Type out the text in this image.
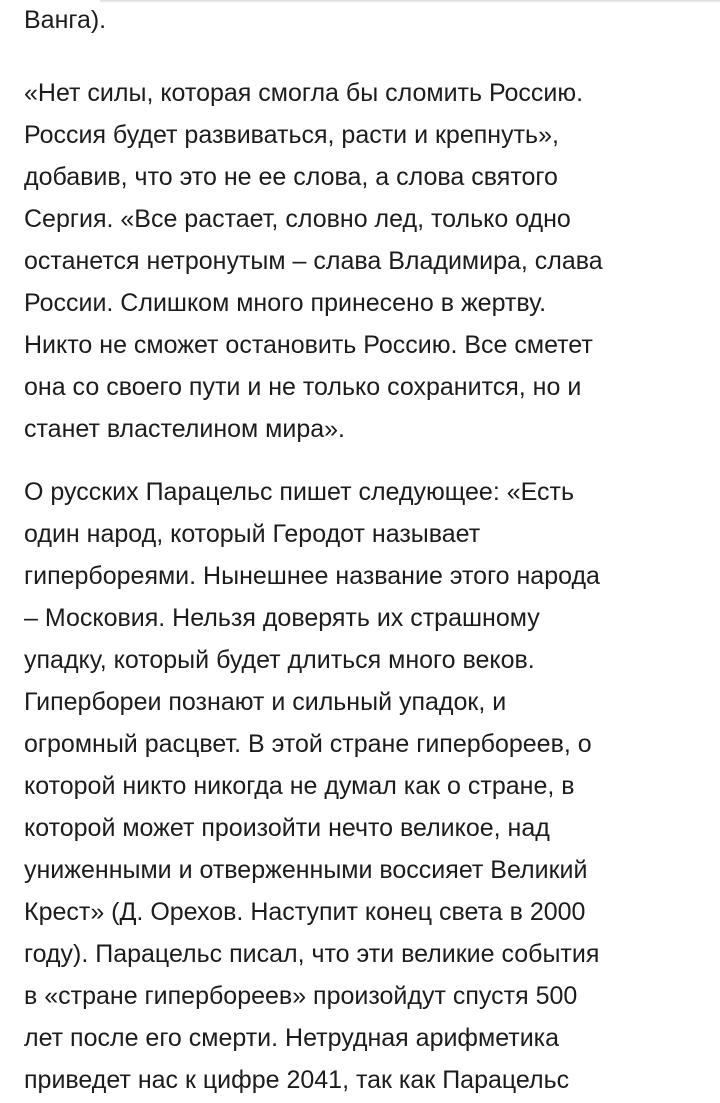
Ванга).

«Нет силы, которая смогла бы сломить Россию.
Россия будет развиваться, расти и крепнуть»,
добавив, что это не ее слова, а слова святого
Сергия. «Все растает, словно лед, только одно
останется нетронутым – слава Владимира, слава
России. Слишком много принесено в жертву.
Никто не сможет остановить Россию. Все сметет
она со своего пути и не только сохранится, но и
станет властелином мира».

О русских Парацельс пишет следующее: «Есть
один народ, который Геродот называет
гипербореями. Нынешнее название этого народа
– Московия. Нельзя доверять их страшному
упадку, который будет длиться много веков.
Гипербореи познают и сильный упадок, и
огромный расцвет. В этой стране гипербореев, о
которой никто никогда не думал как о стране, в
которой может произойти нечто великое, над
униженными и отверженными воссияет Великий
Крест» (Д. Орехов. Наступит конец света в 2000
году). Парацельс писал, что эти великие события
в «стране гипербореев» произойдут спустя 500
лет после его смерти. Нетрудная арифметика
приведет нас к цифре 2041, так как Парацельс
